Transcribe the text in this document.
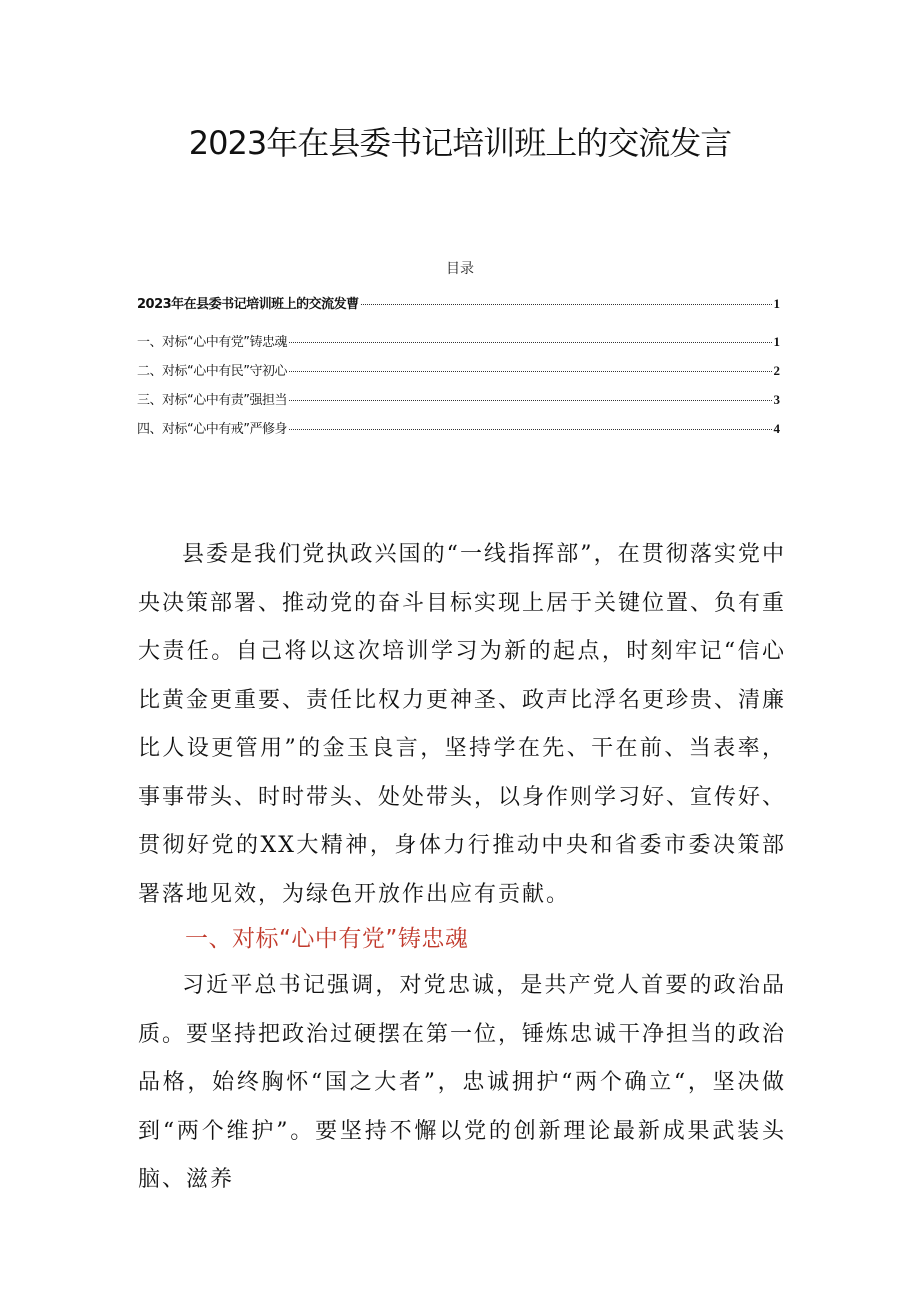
2023年在县委书记培训班上的交流发言
目录
2023年在县委书记培训班上的交流发曹	1
一、对标“心中有党”铸忠魂	1
二、对标“心中有民”守初心	2
三、对标“心中有责”强担当	3
四、对标“心中有戒”严修身	4

县委是我们党执政兴国的“一线指挥部”，在贯彻落实党中央决策部署、推动党的奋斗目标实现上居于关键位置、负有重大责任。自己将以这次培训学习为新的起点，时刻牢记“信心比黄金更重要、责任比权力更神圣、政声比浮名更珍贵、清廉比人设更管用”的金玉良言，坚持学在先、干在前、当表率，事事带头、时时带头、处处带头，以身作则学习好、宣传好、贯彻好党的XX大精神，身体力行推动中央和省委市委决策部署落地见效，为绿色开放作出应有贡献。

一、对标“心中有党”铸忠魂

习近平总书记强调，对党忠诚，是共产党人首要的政治品质。要坚持把政治过硬摆在第一位，锤炼忠诚干净担当的政治品格，始终胸怀“国之大者”，忠诚拥护“两个确立“，坚决做到“两个维护”。要坚持不懈以党的创新理论最新成果武装头脑、滋养
